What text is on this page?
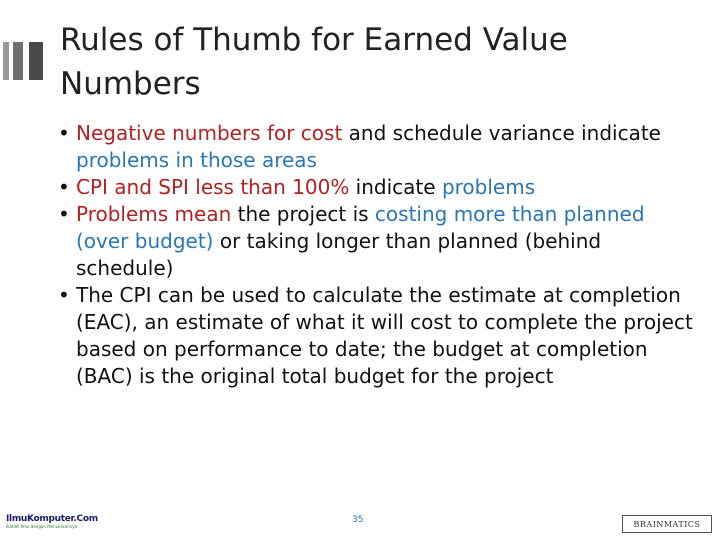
Rules of Thumb for Earned Value Numbers
• Negative numbers for cost and schedule variance indicate problems in those areas
• CPI and SPI less than 100% indicate problems
• Problems mean the project is costing more than planned (over budget) or taking longer than planned (behind schedule)
• The CPI can be used to calculate the estimate at completion (EAC), an estimate of what it will cost to complete the project based on performance to date; the budget at completion (BAC) is the original total budget for the project
IlmuKomputer.Com
Ikatlah Ilmu dengan Menuliskannya
35	BRAINMATICS
